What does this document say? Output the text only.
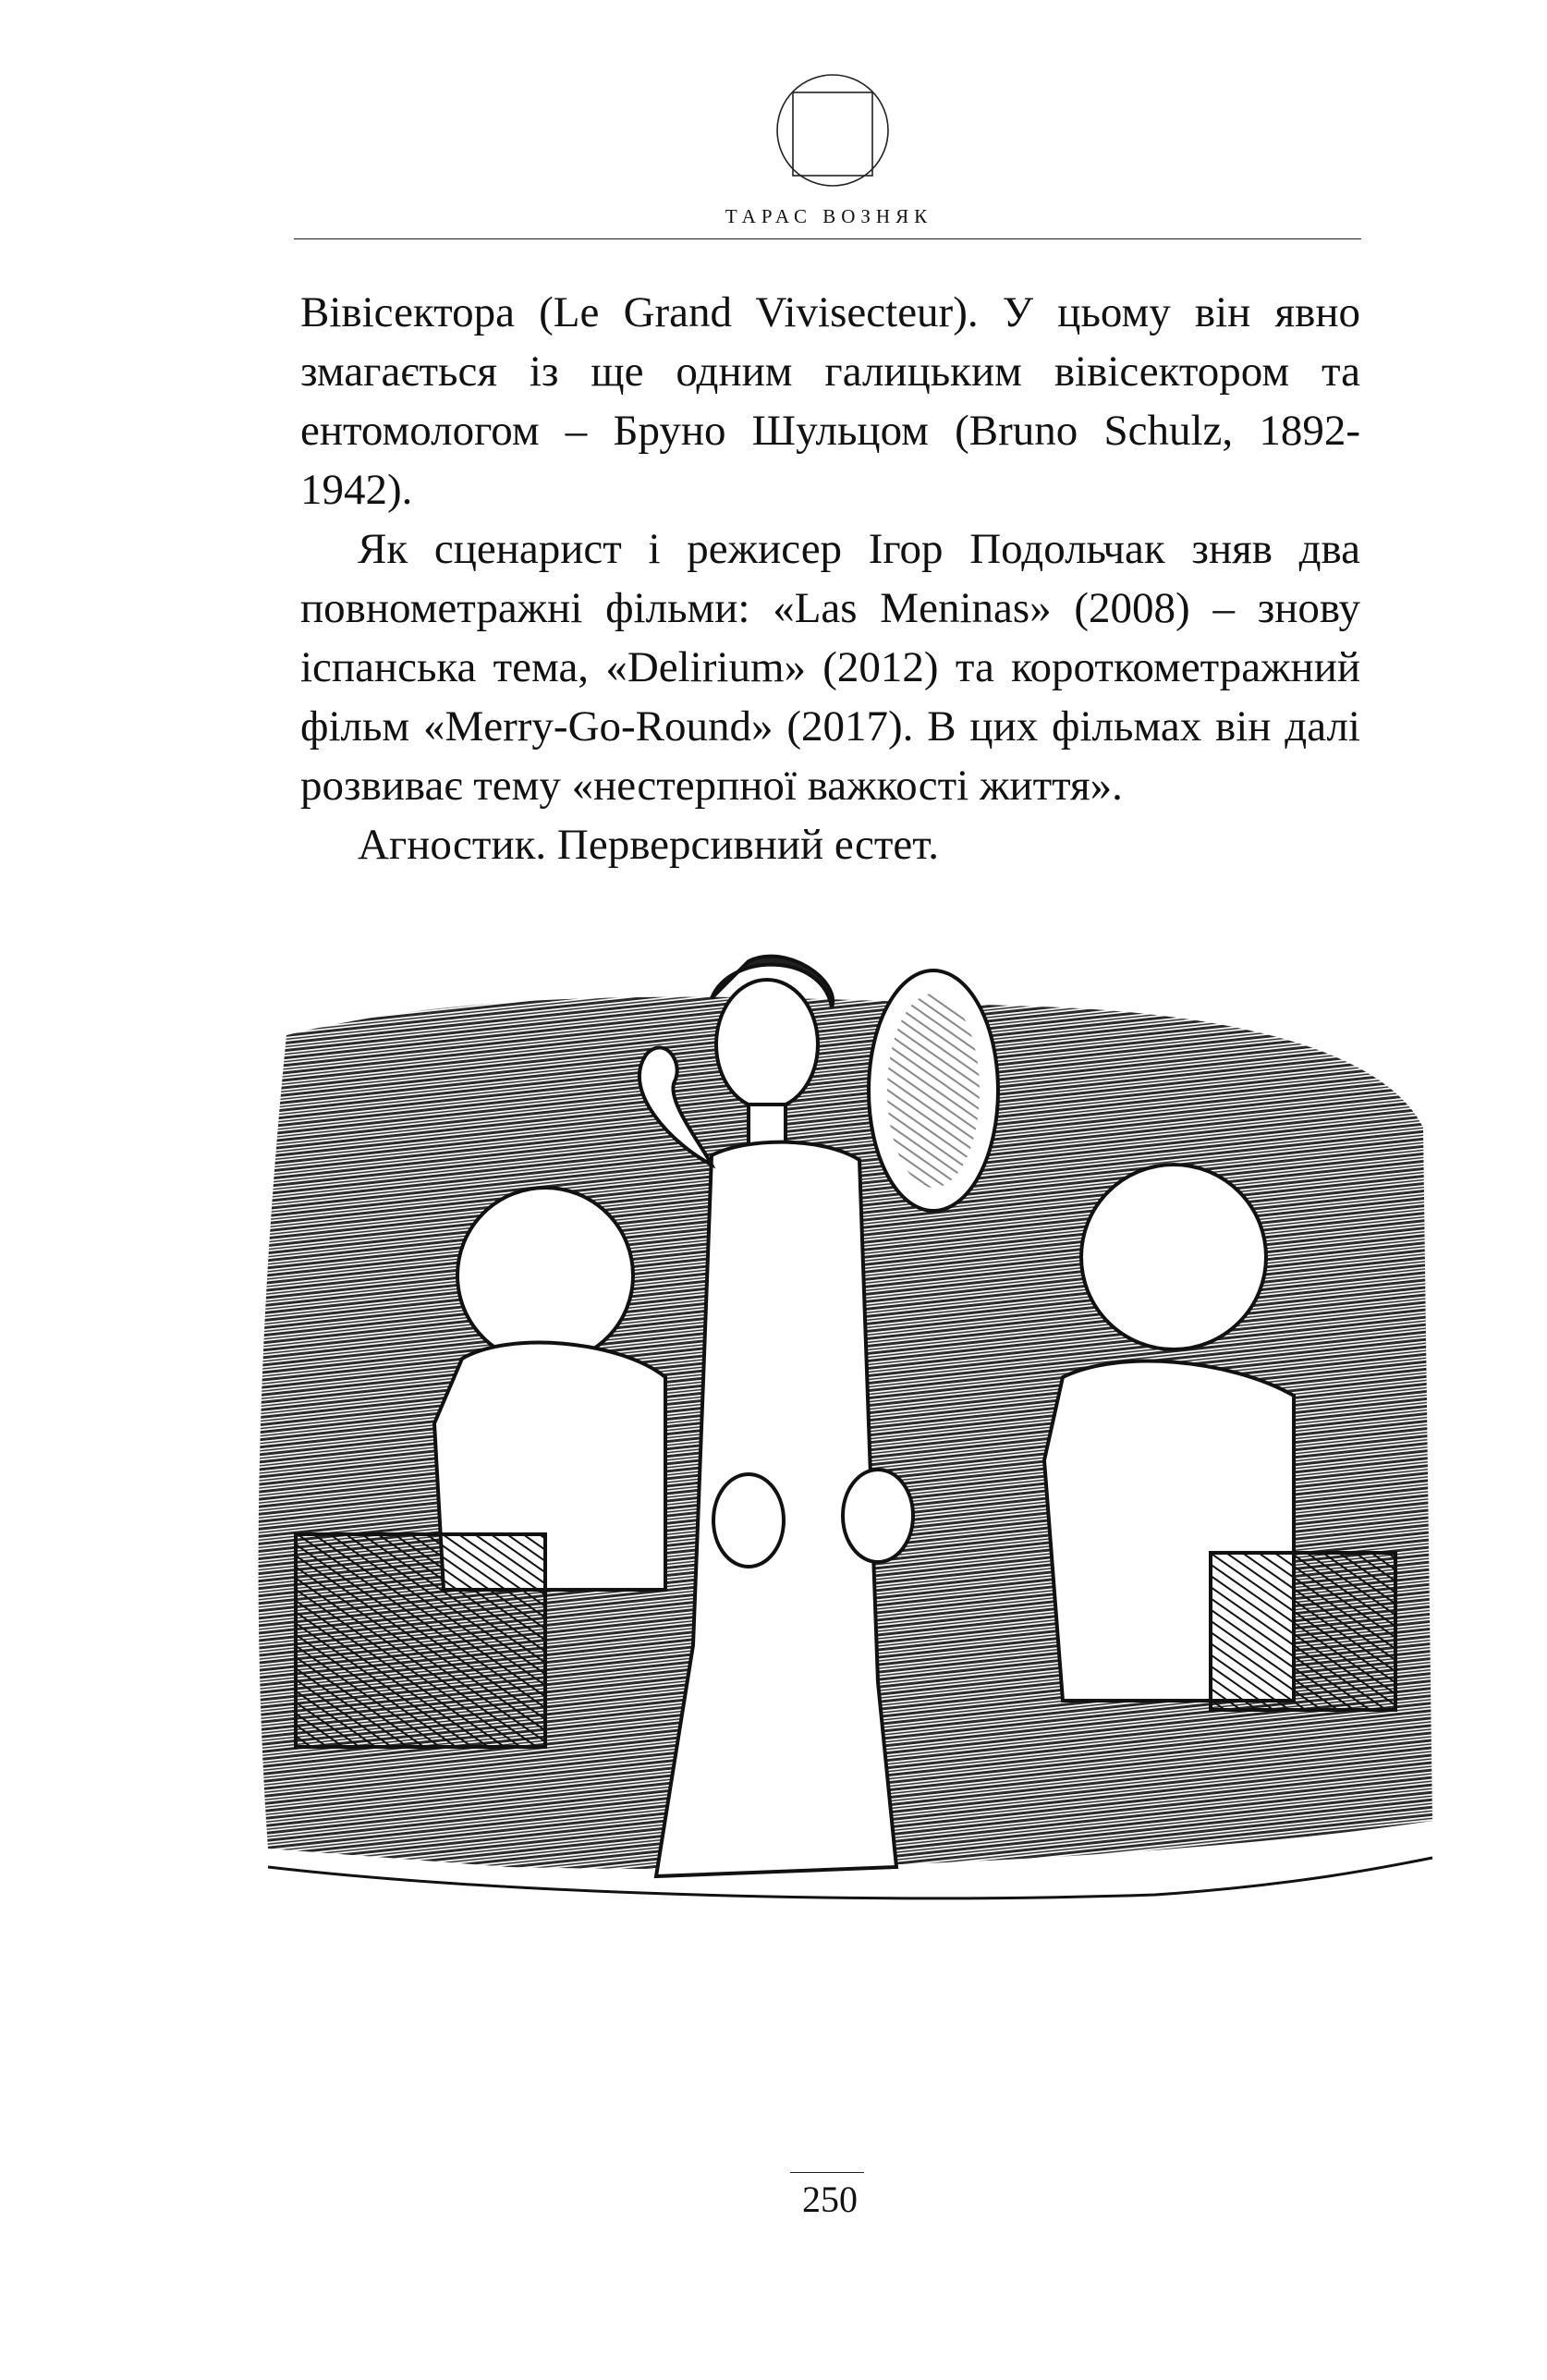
ТАРАС ВОЗНЯК

Вівісектора (Le Grand Vivisecteur). У цьому він явно змагається із ще одним галицьким вівісектором та ентомологом – Бруно Шульцом (Bruno Schulz, 1892-1942).

Як сценарист і режисер Ігор Подольчак зняв два повнометражні фільми: «Las Meninas» (2008) – знову іспанська тема, «Delirium» (2012) та короткометражний фільм «Merry-Go-Round» (2017). В цих фільмах він далі розвиває тему «нестерпної важкості життя».

Агностик. Перверсивний естет.

250
